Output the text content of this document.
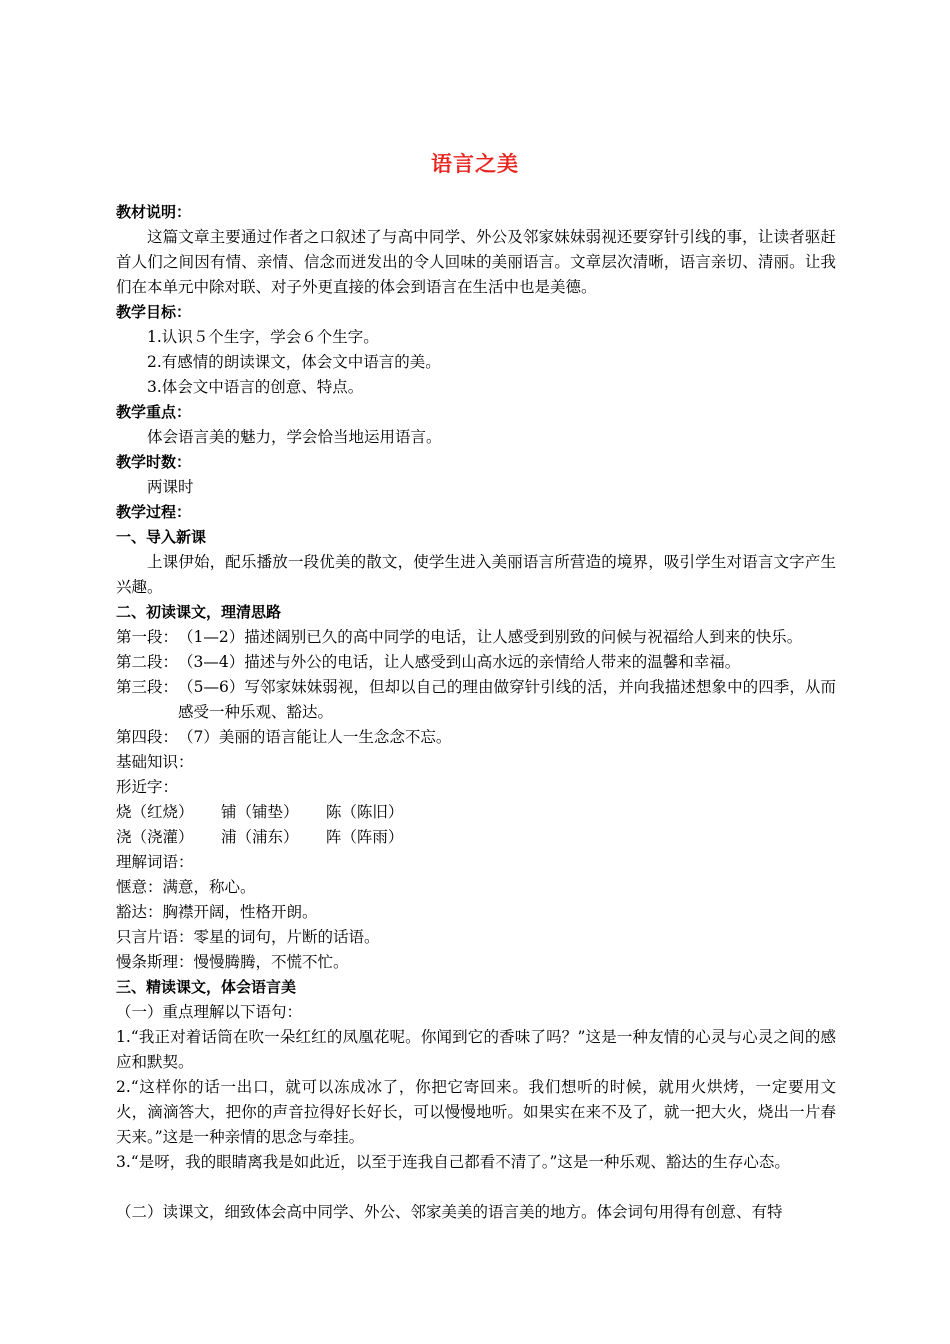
语言之美
教材说明：
这篇文章主要通过作者之口叙述了与高中同学、外公及邻家妹妹弱视还要穿针引线的事，让读者驱赶首人们之间因有情、亲情、信念而迸发出的令人回味的美丽语言。文章层次清晰，语言亲切、清丽。让我们在本单元中除对联、对子外更直接的体会到语言在生活中也是美德。
教学目标：
1.认识５个生字，学会６个生字。
2.有感情的朗读课文，体会文中语言的美。
3.体会文中语言的创意、特点。
教学重点：
体会语言美的魅力，学会恰当地运用语言。
教学时数：
两课时
教学过程：
一、导入新课
上课伊始，配乐播放一段优美的散文，使学生进入美丽语言所营造的境界，吸引学生对语言文字产生兴趣。
二、初读课文，理清思路
第一段： （1—2）描述阔别已久的高中同学的电话，让人感受到别致的问候与祝福给人到来的快乐。
第二段： （3—4）描述与外公的电话，让人感受到山高水远的亲情给人带来的温馨和幸福。
第三段： （5—6）写邻家妹妹弱视，但却以自己的理由做穿针引线的活，并向我描述想象中的四季，从而感受一种乐观、豁达。
第四段： （7）美丽的语言能让人一生念念不忘。
基础知识：
形近字：
烧（红烧） 铺（铺垫） 陈（陈旧）
浇（浇灌） 浦（浦东） 阵（阵雨）
理解词语：
惬意：满意，称心。
豁达：胸襟开阔，性格开朗。
只言片语：零星的词句，片断的话语。
慢条斯理：慢慢腾腾，不慌不忙。
三、精读课文，体会语言美
（一）重点理解以下语句：
1.“我正对着话筒在吹一朵红红的凤凰花呢。你闻到它的香味了吗？”这是一种友情的心灵与心灵之间的感应和默契。
2.“这样你的话一出口，就可以冻成冰了，你把它寄回来。我们想听的时候，就用火烘烤，一定要用文火，滴滴答大，把你的声音拉得好长好长，可以慢慢地听。如果实在来不及了，就一把大火，烧出一片春天来。”这是一种亲情的思念与牵挂。
3.“是呀，我的眼睛离我是如此近，以至于连我自己都看不清了。”这是一种乐观、豁达的生存心态。
（二）读课文，细致体会高中同学、外公、邻家美美的语言美的地方。体会词句用得有创意、有特
